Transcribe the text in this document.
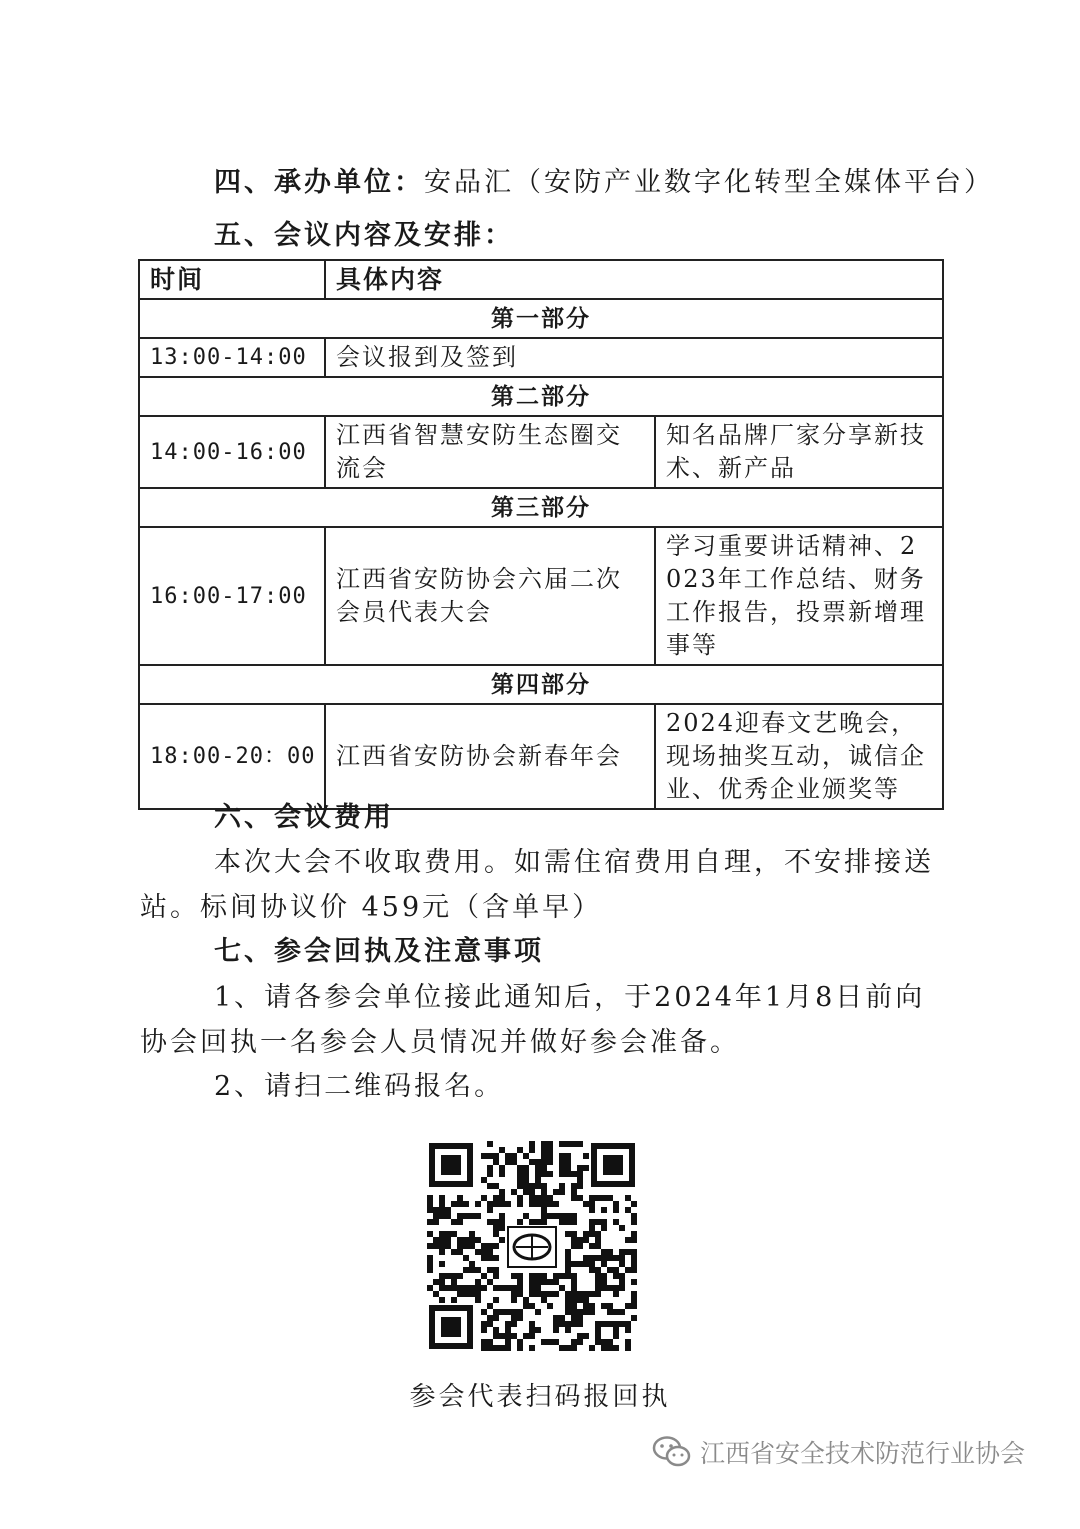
四、承办单位：安品汇（安防产业数字化转型全媒体平台）
五、会议内容及安排：
时间	具体内容	
第一部分		
13:00-14:00	会议报到及签到	
第二部分		
14:00-16:00	江西省智慧安防生态圈交流会	知名品牌厂家分享新技术、新产品
第三部分		
16:00-17:00	江西省安防协会六届二次会员代表大会	学习重要讲话精神、2023年工作总结、财务工作报告，投票新增理事等
第四部分		
18:00-20：00	江西省安防协会新春年会	2024迎春文艺晚会，现场抽奖互动，诚信企业、优秀企业颁奖等
六、会议费用
本次大会不收取费用。如需住宿费用自理，不安排接送
站。标间协议价 459元（含单早）
七、参会回执及注意事项
1、请各参会单位接此通知后，于2024年1月8日前向
协会回执一名参会人员情况并做好参会准备。
2、请扫二维码报名。
参会代表扫码报回执
江西省安全技术防范行业协会
